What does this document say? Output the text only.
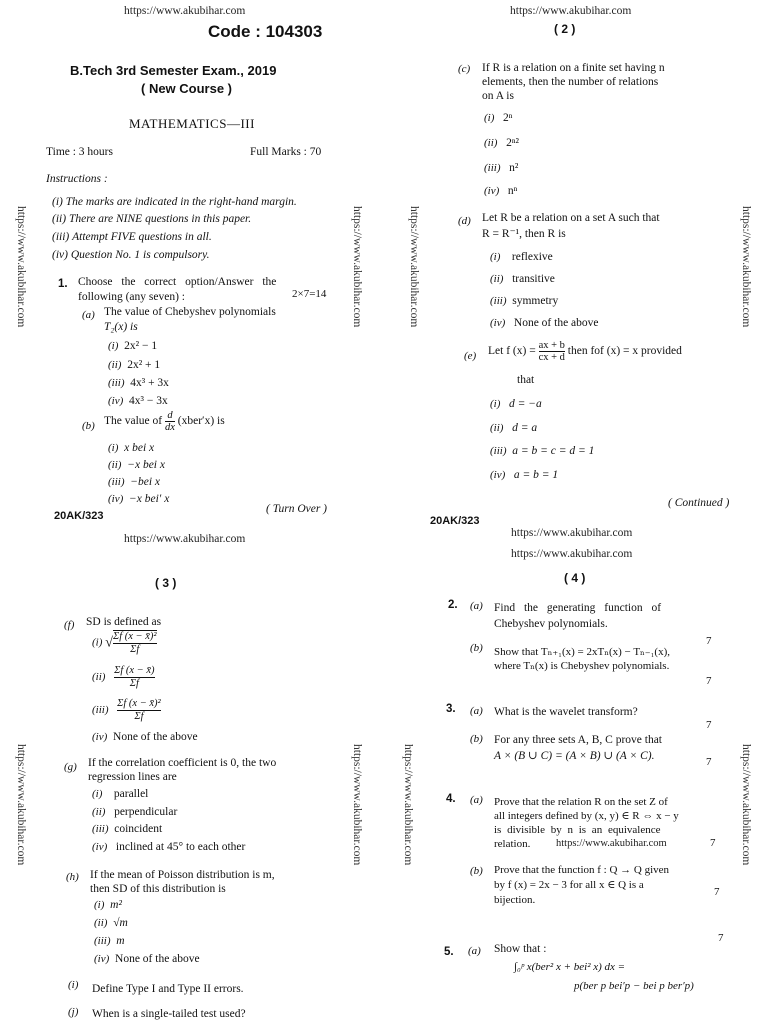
https://www.akubihar.com
Code : 104303
B.Tech 3rd Semester Exam., 2019
( New Course )
MATHEMATICS—III
Time : 3 hours	Full Marks : 70
Instructions :
(i) The marks are indicated in the right-hand margin.
(ii) There are NINE questions in this paper.
(iii) Attempt FIVE questions in all.
(iv) Question No. 1 is compulsory.
1. Choose the correct option/Answer the
following (any seven) :	2×7=14
(a) The value of Chebyshev polynomials
T₂(x) is
(i) 2x² − 1
(ii) 2x² + 1
(iii) 4x³ + 3x
(iv) 4x³ − 3x
(b) The value of $\frac{d}{dx}$ (xber′x) is
(i) x bei x
(ii) −x bei x
(iii) −bei x
(iv) −x bei′ x
20AK/323
( Turn Over )
https://www.akubihar.com	https://www.akubihar.com
https://www.akubihar.com
( 2 )
(c) If R is a relation on a finite set having n
elements, then the number of relations
on A is
(i) 2ⁿ
(ii) 2ⁿ²
(iii) n²
(iv) nⁿ
(d) Let R be a relation on a set A such that
R = R⁻¹, then R is
(i) reflexive
(ii) transitive
(iii) symmetry
(iv) None of the above
(e) Let f $(x) = \frac{ax + b}{cx + d}$ then fof (x) = x provided
that
(i) d = −a
(ii) d = a
(iii) a = b = c = d = 1
(iv) a = b = 1
20AK/323
( Continued )
https://www.akubihar.com	https://www.akubihar.com
https://www.akubihar.com
( 3 )
(f) SD is defined as
(i) √ $\frac{\text{Σf (x − x̄)²}}{\Sigma f}$
$(ii) \frac{\Sigma f (x - x̄)}{\Sigma f}$
$(iii) \frac{\text{Σf (x − x̄)²}}{\Sigma f}$
(iv) None of the above
(g) If the correlation coefficient is 0, the two
regression lines are
(i) parallel
(ii) perpendicular
(iii) coincident
(iv) inclined at 45° to each other
(h) If the mean of Poisson distribution is m,
then SD of this distribution is
(i) m²
(ii) √m
(iii) m
(iv) None of the above
(i) Define Type I and Type II errors.
(j) When is a single-tailed test used?
https://www.akubihar.com	https://www.akubihar.com
https://www.akubihar.com
https://www.akubihar.com
( 4 )
2. (a) Find the generating function of
Chebyshev polynomials.
7
(b) Show that Tₙ₊₁(x) = 2xTₙ(x) − Tₙ₋₁(x),
where Tₙ(x) is Chebyshev polynomials.
7
3. (a) What is the wavelet transform?
7
(b) For any three sets A, B, C prove that
A × (B ∪ C) = (A × B) ∪ (A × C).	7
4. (a) Prove that the relation R on the set Z of
all integers defined by (x, y) ∈ R ⇔ x − y
is divisible by n is an equivalence
relation. https://www.akubihar.com	7
(b) Prove that the function f : Q → Q given
by f (x) = 2x − 3 for all x ∈ Q is a
bijection.
7
7
5. (a) Show that :
∫₀ᵖ x(ber² x + bei² x) dx =
p(ber p bei′p − bei p ber′p)
https://www.akubihar.com	https://www.akubihar.com
